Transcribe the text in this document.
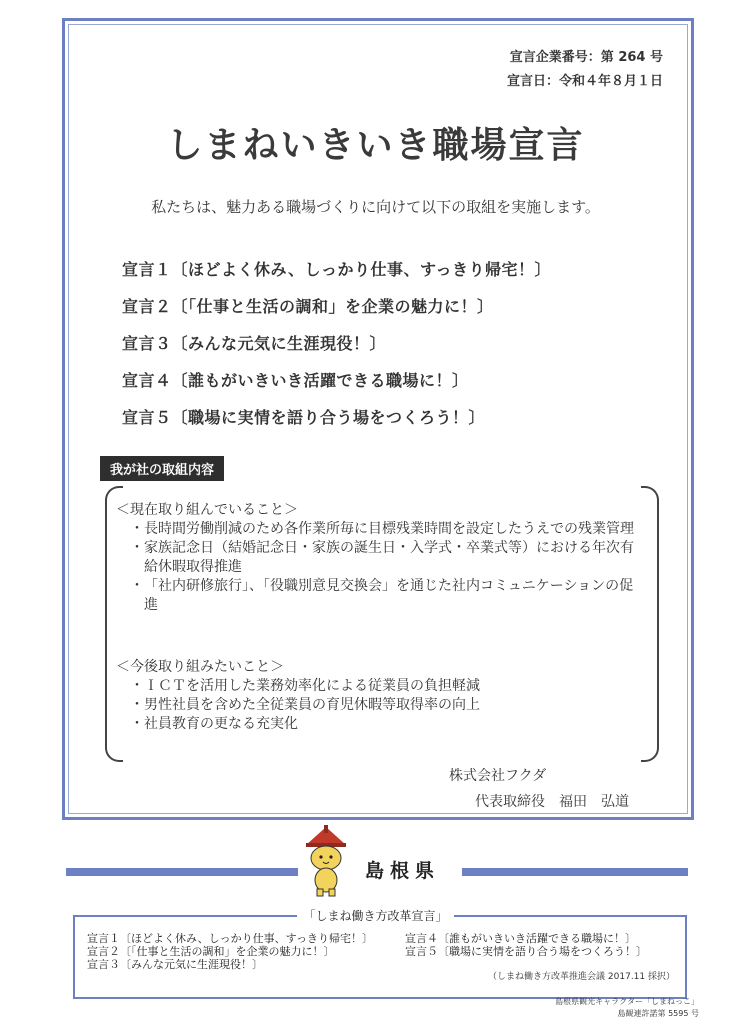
宣言企業番号：第 264 号
宣言日：令和４年８月１日
しまねいきいき職場宣言
私たちは、魅力ある職場づくりに向けて以下の取組を実施します。
宣言１〔ほどよく休み、しっかり仕事、すっきり帰宅！〕
宣言２〔「仕事と生活の調和」を企業の魅力に！〕
宣言３〔みんな元気に生涯現役！〕
宣言４〔誰もがいきいき活躍できる職場に！〕
宣言５〔職場に実情を語り合う場をつくろう！〕
我が社の取組内容
＜現在取り組んでいること＞
・ 長時間労働削減のため各作業所毎に目標残業時間を設定したうえでの残業管理
・ 家族記念日（結婚記念日・家族の誕生日・入学式・卒業式等）における年次有給休暇取得推進
・ 「社内研修旅行」、「役職別意見交換会」を通じた社内コミュニケーションの促進
＜今後取り組みたいこと＞
・ ＩＣＴを活用した業務効率化による従業員の負担軽減
・ 男性社員を含めた全従業員の育児休暇等取得率の向上
・ 社員教育の更なる充実化
株式会社フクダ
代表取締役　福田　弘道
島根県
「しまね働き方改革宣言」
宣言１〔ほどよく休み、しっかり仕事、すっきり帰宅！〕
宣言２〔「仕事と生活の調和」を企業の魅力に！〕
宣言３〔みんな元気に生涯現役！〕
宣言４〔誰もがいきいき活躍できる職場に！〕
宣言５〔職場に実情を語り合う場をつくろう！〕
（しまね働き方改革推進会議 2017.11 採択）
島根県観光キャラクター「しまねっこ」
島観連許諾第 5595 号
